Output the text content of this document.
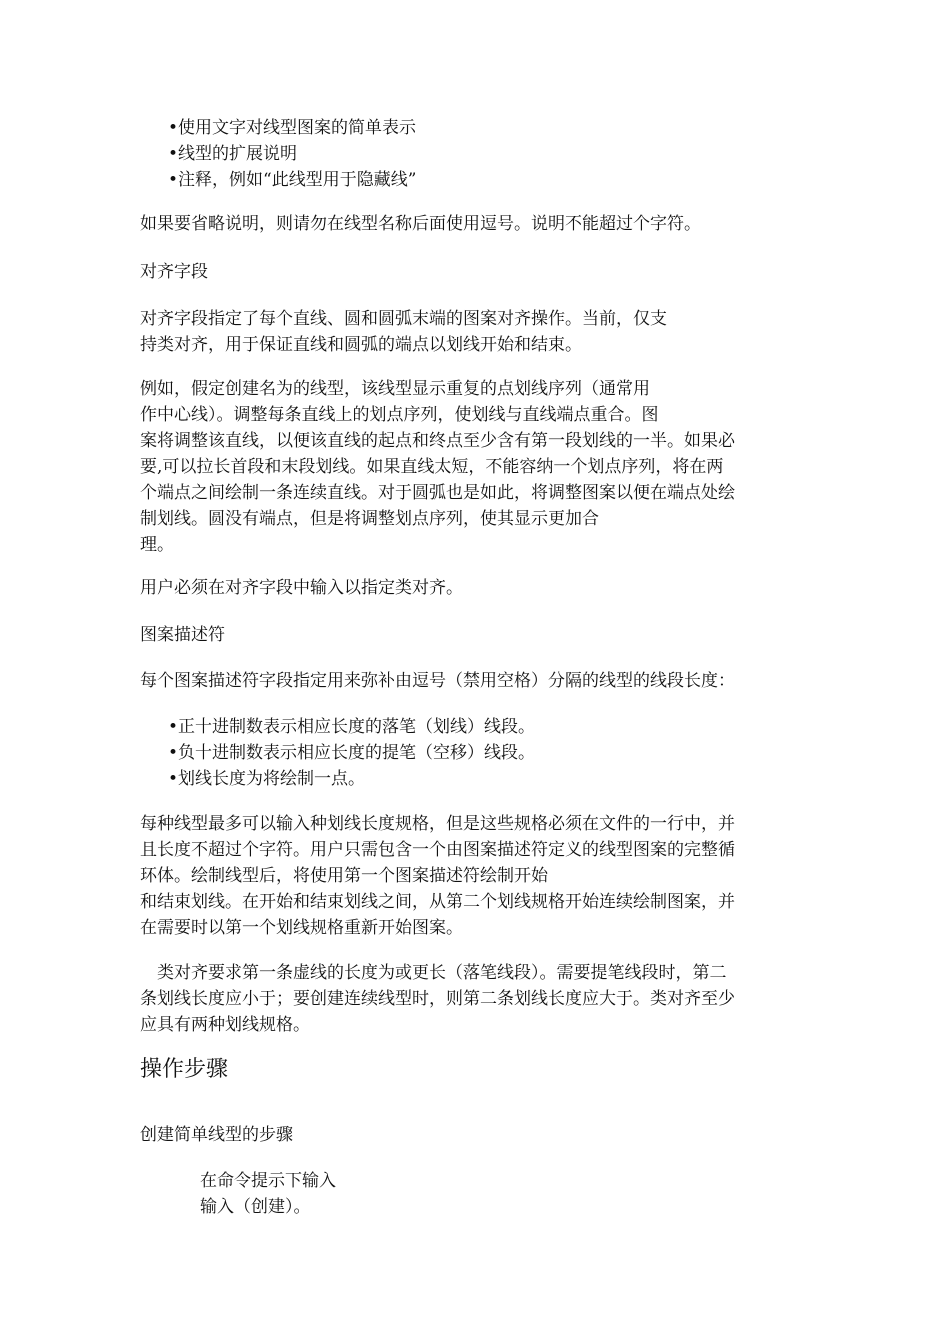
•使用文字对线型图案的简单表示
•线型的扩展说明
•注释，例如“此线型用于隐藏线”

如果要省略说明，则请勿在线型名称后面使用逗号。说明不能超过个字符。

对齐字段

对齐字段指定了每个直线、圆和圆弧末端的图案对齐操作。当前，仅支
持类对齐，用于保证直线和圆弧的端点以划线开始和结束。

例如，假定创建名为的线型，该线型显示重复的点划线序列（通常用
作中心线）。调整每条直线上的划点序列，使划线与直线端点重合。图
案将调整该直线，以便该直线的起点和终点至少含有第一段划线的一半。如果必
要,可以拉长首段和末段划线。如果直线太短，不能容纳一个划点序列，将在两
个端点之间绘制一条连续直线。对于圆弧也是如此，将调整图案以便在端点处绘
制划线。圆没有端点，但是将调整划点序列，使其显示更加合
理。

用户必须在对齐字段中输入以指定类对齐。

图案描述符

每个图案描述符字段指定用来弥补由逗号（禁用空格）分隔的线型的线段长度：

•正十进制数表示相应长度的落笔（划线）线段。
•负十进制数表示相应长度的提笔（空移）线段。
•划线长度为将绘制一点。

每种线型最多可以输入种划线长度规格，但是这些规格必须在文件的一行中，并
且长度不超过个字符。用户只需包含一个由图案描述符定义的线型图案的完整循
环体。绘制线型后，将使用第一个图案描述符绘制开始
和结束划线。在开始和结束划线之间，从第二个划线规格开始连续绘制图案，并
在需要时以第一个划线规格重新开始图案。

　类对齐要求第一条虚线的长度为或更长（落笔线段）。需要提笔线段时，第二
条划线长度应小于；要创建连续线型时，则第二条划线长度应大于。类对齐至少
应具有两种划线规格。

操作步骤

创建简单线型的步骤

在命令提示下输入
输入（创建）。
